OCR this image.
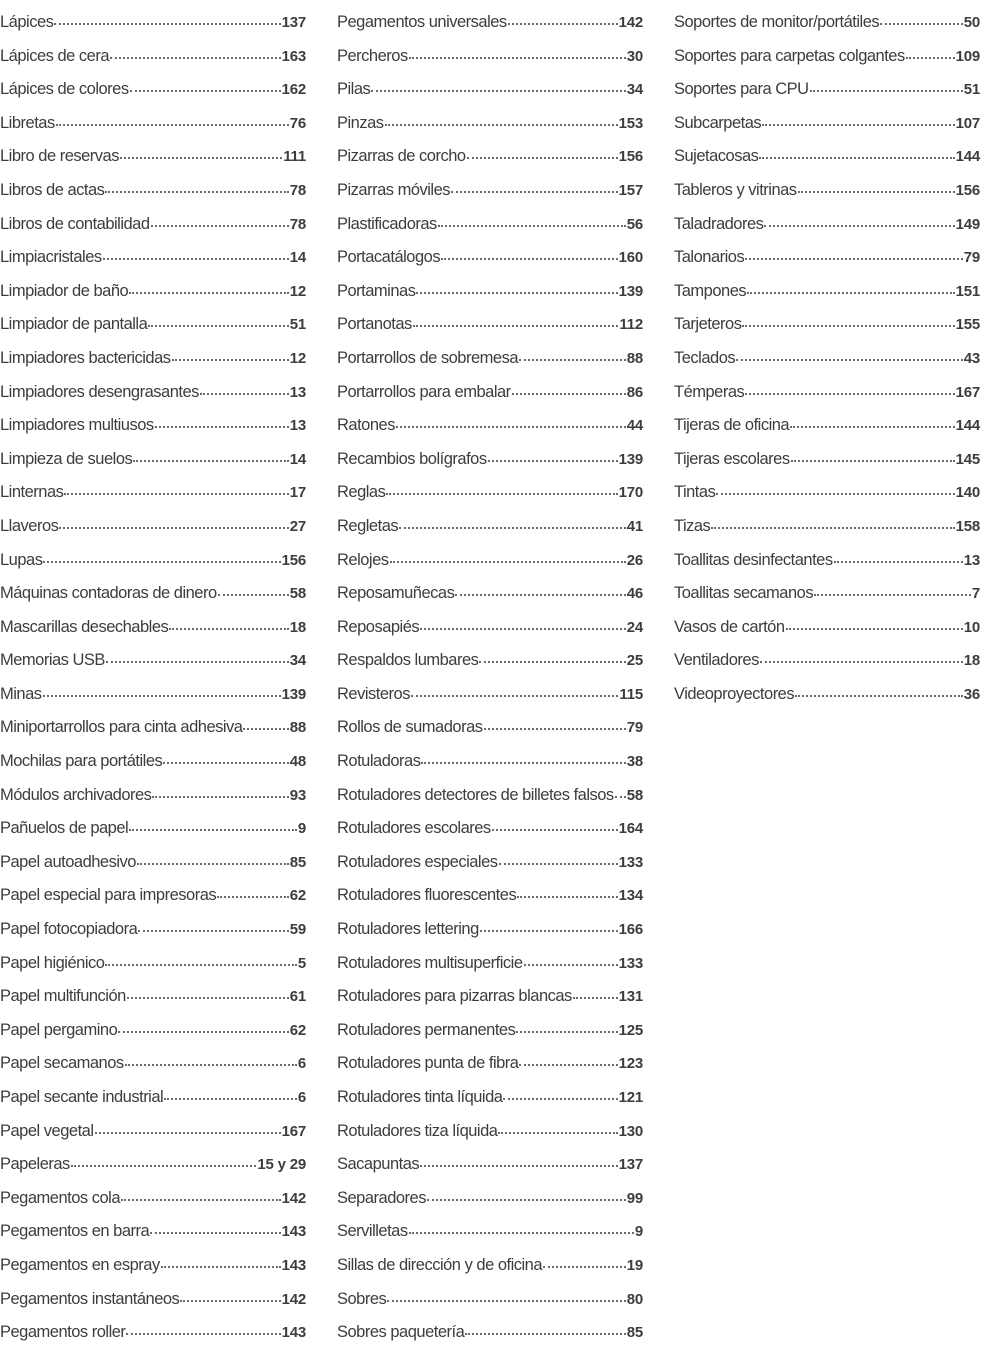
Lápices	137
Lápices de cera	163
Lápices de colores	162
Libretas	76
Libro de reservas	111
Libros de actas	78
Libros de contabilidad	78
Limpiacristales	14
Limpiador de baño	12
Limpiador de pantalla	51
Limpiadores bactericidas	12
Limpiadores desengrasantes	13
Limpiadores multiusos	13
Limpieza de suelos	14
Linternas	17
Llaveros	27
Lupas	156
Máquinas contadoras de dinero	58
Mascarillas desechables	18
Memorias USB	34
Minas	139
Miniportarrollos para cinta adhesiva	88
Mochilas para portátiles	48
Módulos archivadores	93
Pañuelos de papel	9
Papel autoadhesivo	85
Papel especial para impresoras	62
Papel fotocopiadora	59
Papel higiénico	5
Papel multifunción	61
Papel pergamino	62
Papel secamanos	6
Papel secante industrial	6
Papel vegetal	167
Papeleras	15 y 29
Pegamentos cola	142
Pegamentos en barra	143
Pegamentos en espray	143
Pegamentos instantáneos	142
Pegamentos roller	143
Pegamentos universales	142
Percheros	30
Pilas	34
Pinzas	153
Pizarras de corcho	156
Pizarras móviles	157
Plastificadoras	56
Portacatálogos	160
Portaminas	139
Portanotas	112
Portarrollos de sobremesa	88
Portarrollos para embalar	86
Ratones	44
Recambios bolígrafos	139
Reglas	170
Regletas	41
Relojes	26
Reposamuñecas	46
Reposapiés	24
Respaldos lumbares	25
Revisteros	115
Rollos de sumadoras	79
Rotuladoras	38
Rotuladores detectores de billetes falsos 58
Rotuladores escolares	164
Rotuladores especiales	133
Rotuladores fluorescentes	134
Rotuladores lettering	166
Rotuladores multisuperficie	133
Rotuladores para pizarras blancas	131
Rotuladores permanentes	125
Rotuladores punta de fibra	123
Rotuladores tinta líquida	121
Rotuladores tiza líquida	130
Sacapuntas	137
Separadores	99
Servilletas	9
Sillas de dirección y de oficina	19
Sobres	80
Sobres paquetería	85
Soportes de monitor/portátiles	50
Soportes para carpetas colgantes	109
Soportes para CPU	51
Subcarpetas	107
Sujetacosas	144
Tableros y vitrinas	156
Taladradores	149
Talonarios	79
Tampones	151
Tarjeteros	155
Teclados	43
Témperas	167
Tijeras de oficina	144
Tijeras escolares	145
Tintas	140
Tizas	158
Toallitas desinfectantes	13
Toallitas secamanos	7
Vasos de cartón	10
Ventiladores	18
Videoproyectores	36
